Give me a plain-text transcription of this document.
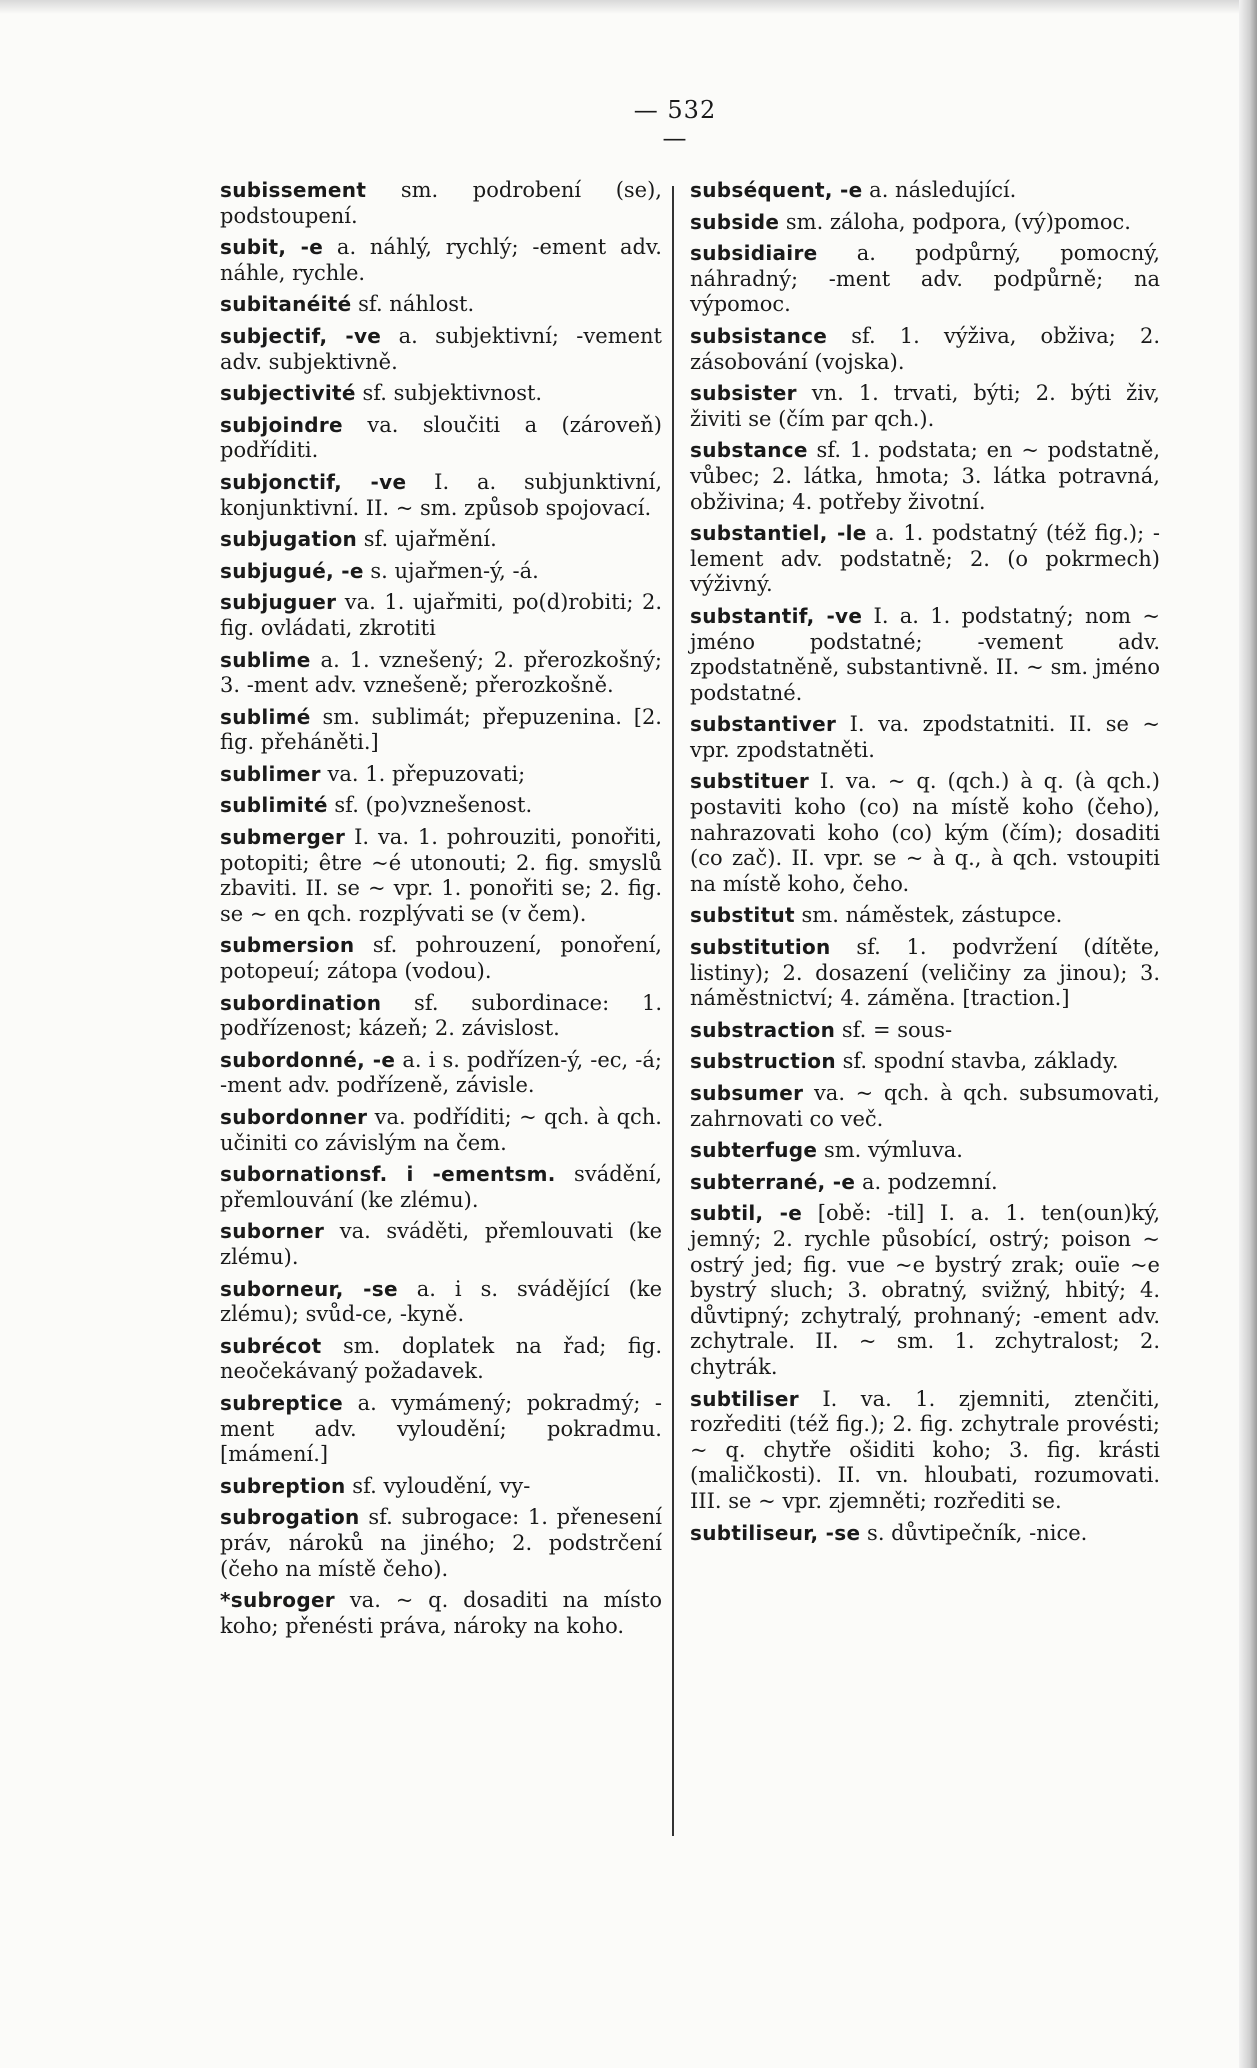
— 532 —

subissement sm. podrobení (se), podstoupení.

subit, -e a. náhlý, rychlý; -ement adv. náhle, rychle.

subitanéité sf. náhlost.

subjectif, -ve a. subjektivní; -vement adv. subjektivně.

subjectivité sf. subjektivnost.

subjoindre va. sloučiti a (zároveň) podříditi.

subjonctif, -ve I. a. subjunktivní, konjunktivní. II. ~ sm. způsob spojovací.

subjugation sf. ujařmění.

subjugué, -e s. ujařmen-ý, -á.

subjuguer va. 1. ujařmiti, po(d)robiti; 2. fig. ovládati, zkrotiti

sublime a. 1. vznešený; 2. přerozkošný; 3. -ment adv. vznešeně; přerozkošně.

sublimé sm. sublimát; přepuzenina. [2. fig. přeháněti.]

sublimer va. 1. přepuzovati;

sublimité sf. (po)vznešenost.

submerger I. va. 1. pohrouziti, ponořiti, potopiti; être ~é utonouti; 2. fig. smyslů zbaviti. II. se ~ vpr. 1. ponořiti se; 2. fig. se ~ en qch. rozplývati se (v čem).

submersion sf. pohrouzení, ponoření, potopeuí; zátopa (vodou).

subordination sf. subordinace: 1. podřízenost; kázeň; 2. závislost.

subordonné, -e a. i s. podřízen-ý, -ec, -á; -ment adv. podřízeně, závisle.

subordonner va. podříditi; ~ qch. à qch. učiniti co závislým na čem.

subornationsf. i -ementsm. svádění, přemlouvání (ke zlému).

suborner va. sváděti, přemlouvati (ke zlému).

suborneur, -se a. i s. svádějící (ke zlému); svůd-ce, -kyně.

subrécot sm. doplatek na řad; fig. neočekávaný požadavek.

subreptice a. vymámený; pokradmý; -ment adv. vyloudění; pokradmu. [mámení.]

subreption sf. vyloudění, vy-

subrogation sf. subrogace: 1. přenesení práv, nároků na jiného; 2. podstrčení (čeho na místě čeho).

*subroger va. ~ q. dosaditi na místo koho; přenésti práva, nároky na koho.

subséquent, -e a. následující.

subside sm. záloha, podpora, (vý)pomoc.

subsidiaire a. podpůrný, pomocný, náhradný; -ment adv. podpůrně; na výpomoc.

subsistance sf. 1. výživa, obživa; 2. zásobování (vojska).

subsister vn. 1. trvati, býti; 2. býti živ, živiti se (čím par qch.).

substance sf. 1. podstata; en ~ podstatně, vůbec; 2. látka, hmota; 3. látka potravná, obživina; 4. potřeby životní.

substantiel, -le a. 1. podstatný (též fig.); -lement adv. podstatně; 2. (o pokrmech) výživný.

substantif, -ve I. a. 1. podstatný; nom ~ jméno podstatné; -vement adv. zpodstatněně, substantivně. II. ~ sm. jméno podstatné.

substantiver I. va. zpodstatniti. II. se ~ vpr. zpodstatněti.

substituer I. va. ~ q. (qch.) à q. (à qch.) postaviti koho (co) na místě koho (čeho), nahrazovati koho (co) kým (čím); dosaditi (co zač). II. vpr. se ~ à q., à qch. vstoupiti na místě koho, čeho.

substitut sm. náměstek, zástupce.

substitution sf. 1. podvržení (dítěte, listiny); 2. dosazení (veličiny za jinou); 3. náměstnictví; 4. záměna. [traction.]

substraction sf. = sous-

substruction sf. spodní stavba, základy.

subsumer va. ~ qch. à qch. subsumovati, zahrnovati co več.

subterfuge sm. výmluva.

subterrané, -e a. podzemní.

subtil, -e [obě: -til] I. a. 1. ten(oun)ký, jemný; 2. rychle působící, ostrý; poison ~ ostrý jed; fig. vue ~e bystrý zrak; ouïe ~e bystrý sluch; 3. obratný, svižný, hbitý; 4. důvtipný; zchytralý, prohnaný; -ement adv. zchytrale. II. ~ sm. 1. zchytralost; 2. chytrák.

subtiliser I. va. 1. zjemniti, ztenčiti, rozřediti (též fig.); 2. fig. zchytrale provésti; ~ q. chytře ošiditi koho; 3. fig. krásti (maličkosti). II. vn. hloubati, rozumovati. III. se ~ vpr. zjemněti; rozřediti se.

subtiliseur, -se s. důvtipečník, -nice.
